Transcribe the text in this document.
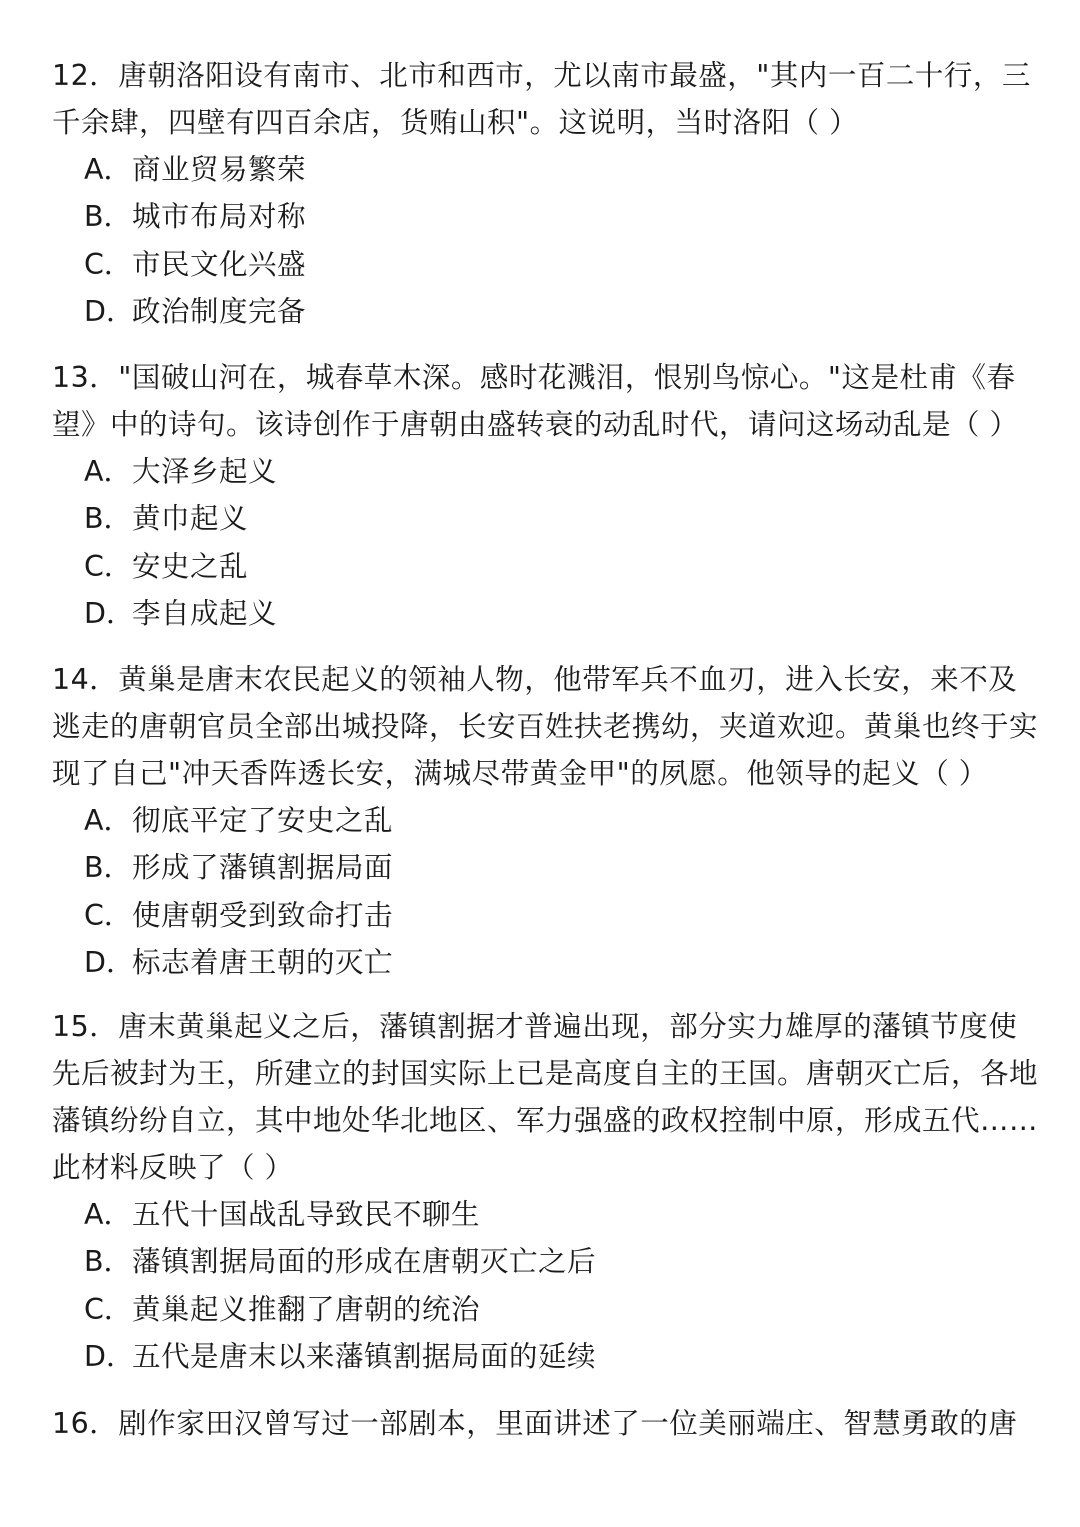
12．唐朝洛阳设有南市、北市和西市，尤以南市最盛，"其内一百二十行，三千余肆，四壁有四百余店，货贿山积"。这说明，当时洛阳（ ）

A．商业贸易繁荣
B．城市布局对称
C．市民文化兴盛
D．政治制度完备

13．"国破山河在，城春草木深。感时花溅泪，恨别鸟惊心。"这是杜甫《春望》中的诗句。该诗创作于唐朝由盛转衰的动乱时代，请问这场动乱是（ ）

A．大泽乡起义
B．黄巾起义
C．安史之乱
D．李自成起义

14．黄巢是唐末农民起义的领袖人物，他带军兵不血刃，进入长安，来不及逃走的唐朝官员全部出城投降，长安百姓扶老携幼，夹道欢迎。黄巢也终于实现了自己"冲天香阵透长安，满城尽带黄金甲"的夙愿。他领导的起义（ ）

A．彻底平定了安史之乱
B．形成了藩镇割据局面
C．使唐朝受到致命打击
D．标志着唐王朝的灭亡

15．唐末黄巢起义之后，藩镇割据才普遍出现，部分实力雄厚的藩镇节度使先后被封为王，所建立的封国实际上已是高度自主的王国。唐朝灭亡后，各地藩镇纷纷自立，其中地处华北地区、军力强盛的政权控制中原，形成五代……此材料反映了（ ）

A．五代十国战乱导致民不聊生
B．藩镇割据局面的形成在唐朝灭亡之后
C．黄巢起义推翻了唐朝的统治
D．五代是唐末以来藩镇割据局面的延续

16．剧作家田汉曾写过一部剧本，里面讲述了一位美丽端庄、智慧勇敢的唐
